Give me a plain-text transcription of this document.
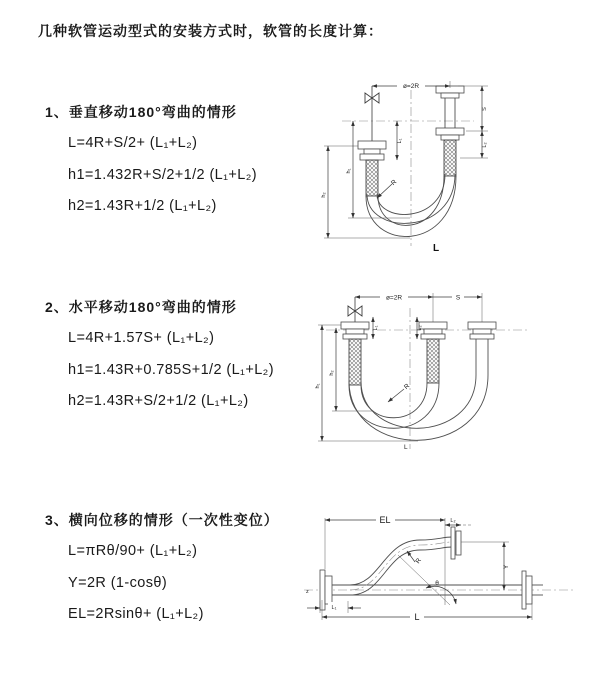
几种软管运动型式的安装方式时，软管的长度计算：
1、垂直移动180°弯曲的情形
L=4R+S/2+ (L₁+L₂)
h1=1.432R+S/2+1/2 (L₁+L₂)
h2=1.43R+1/2 (L₁+L₂)
2、水平移动180°弯曲的情形
L=4R+1.57S+ (L₁+L₂)
h1=1.43R+0.785S+1/2 (L₁+L₂)
h2=1.43R+S/2+1/2 (L₁+L₂)
3、横向位移的情形（一次性变位）
L=πRθ/90+ (L₁+L₂)
Y=2R (1-cosθ)
EL=2Rsinθ+ (L₁+L₂)
ø=2R
h₁
h₂
L₁
S
L₂
R
L
ø=2R	S
h₁
h₂
L₁	L₂
R
L
z
EL	L₂
Y
R
θ
L
L₁
